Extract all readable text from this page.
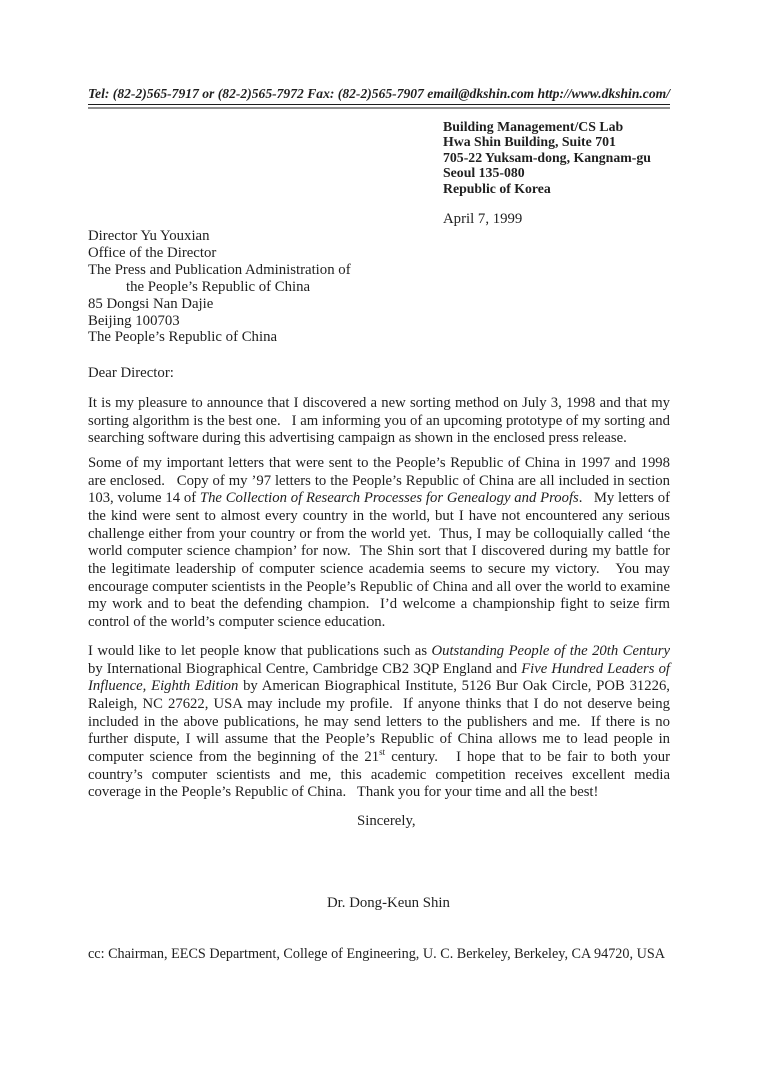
Tel: (82-2)565-7917 or (82-2)565-7972 Fax: (82-2)565-7907 email@dkshin.com http://www.dkshin.com/
Building Management/CS Lab
Hwa Shin Building, Suite 701
705-22 Yuksam-dong, Kangnam-gu
Seoul 135-080
Republic of Korea
April 7, 1999
Director Yu Youxian
Office of the Director
The Press and Publication Administration of
the People’s Republic of China
85 Dongsi Nan Dajie
Beijing 100703
The People’s Republic of China
Dear Director:

It is my pleasure to announce that I discovered a new sorting method on July 3, 1998 and that my sorting algorithm is the best one.   I am informing you of an upcoming prototype of my sorting and searching software during this advertising campaign as shown in the enclosed press release.

Some of my important letters that were sent to the People’s Republic of China in 1997 and 1998 are enclosed.   Copy of my ’97 letters to the People’s Republic of China are all included in section 103, volume 14 of The Collection of Research Processes for Genealogy and Proofs.   My letters of the kind were sent to almost every country in the world, but I have not encountered any serious challenge either from your country or from the world yet.  Thus, I may be colloquially called ‘the world computer science champion’ for now.  The Shin sort that I discovered during my battle for the legitimate leadership of computer science academia seems to secure my victory.   You may encourage computer scientists in the People’s Republic of China and all over the world to examine my work and to beat the defending champion.  I’d welcome a championship fight to seize firm control of the world’s computer science education.

I would like to let people know that publications such as Outstanding People of the 20th Century by International Biographical Centre, Cambridge CB2 3QP England and Five Hundred Leaders of Influence, Eighth Edition by American Biographical Institute, 5126 Bur Oak Circle, POB 31226, Raleigh, NC 27622, USA may include my profile.  If anyone thinks that I do not deserve being included in the above publications, he may send letters to the publishers and me.  If there is no further dispute, I will assume that the People’s Republic of China allows me to lead people in computer science from the beginning of the 21st century.   I hope that to be fair to both your country’s computer scientists and me, this academic competition receives excellent media coverage in the People’s Republic of China.   Thank you for your time and all the best!

Sincerely,
Dr. Dong-Keun Shin
cc: Chairman, EECS Department, College of Engineering, U. C. Berkeley, Berkeley, CA 94720, USA
